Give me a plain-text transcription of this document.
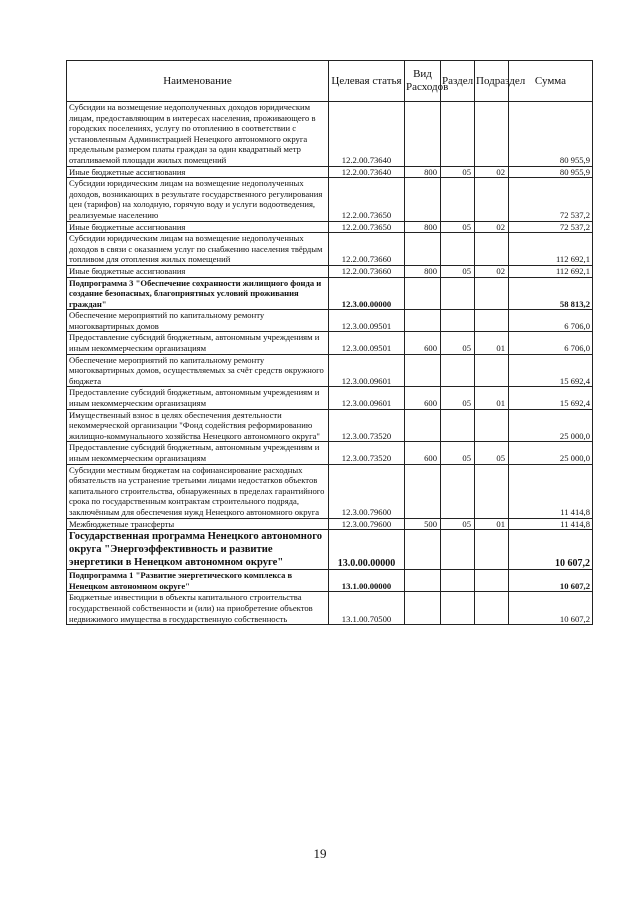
Наименование	Целевая статья	Вид Расходов	Раздел	Подраздел	Сумма
Субсидии на возмещение недополученных доходов юридическим лицам, предоставляющим в интересах населения, проживающего в городских поселениях, услугу по отоплению в соответствии с установленным Администрацией Ненецкого автономного округа предельным размером платы граждан за один квадратный метр отапливаемой площади жилых помещений	12.2.00.73640				80 955,9
Иные бюджетные ассигнования	12.2.00.73640	800	05	02	80 955,9
Субсидии юридическим лицам на возмещение недополученных доходов, возникающих в результате государственного регулирования цен (тарифов) на холодную, горячую воду и услуги водоотведения, реализуемые населению	12.2.00.73650				72 537,2
Иные бюджетные ассигнования	12.2.00.73650	800	05	02	72 537,2
Субсидии юридическим лицам на возмещение недополученных доходов в связи с оказанием услуг по снабжению населения твёрдым топливом для отопления жилых помещений	12.2.00.73660				112 692,1
Иные бюджетные ассигнования	12.2.00.73660	800	05	02	112 692,1
Подпрограмма 3 "Обеспечение сохранности жилищного фонда и создание безопасных, благоприятных условий проживания граждан"	12.3.00.00000				58 813,2
Обеспечение мероприятий по капитальному ремонту многоквартирных домов	12.3.00.09501				6 706,0
Предоставление субсидий бюджетным, автономным учреждениям и иным некоммерческим организациям	12.3.00.09501	600	05	01	6 706,0
Обеспечение мероприятий по капитальному ремонту многоквартирных домов, осуществляемых за счёт средств окружного бюджета	12.3.00.09601				15 692,4
Предоставление субсидий бюджетным, автономным учреждениям и иным некоммерческим организациям	12.3.00.09601	600	05	01	15 692,4
Имущественный взнос в целях обеспечения деятельности некоммерческой организации "Фонд содействия реформированию жилищно-коммунального хозяйства Ненецкого автономного округа"	12.3.00.73520				25 000,0
Предоставление субсидий бюджетным, автономным учреждениям и иным некоммерческим организациям	12.3.00.73520	600	05	05	25 000,0
Субсидии местным бюджетам на софинансирование расходных обязательств на устранение третьими лицами недостатков объектов капитального строительства, обнаруженных в пределах гарантийного срока по государственным контрактам строительного подряда, заключённым для обеспечения нужд Ненецкого автономного округа	12.3.00.79600				11 414,8
Межбюджетные трансферты	12.3.00.79600	500	05	01	11 414,8
Государственная программа Ненецкого автономного округа "Энергоэффективность и развитие энергетики в Ненецком автономном округе"	13.0.00.00000				10 607,2
Подпрограмма 1 "Развитие энергетического комплекса в Ненецком автономном округе"	13.1.00.00000				10 607,2
Бюджетные инвестиции в объекты капитального строительства государственной собственности и (или) на приобретение объектов недвижимого имущества в государственную собственность	13.1.00.70500				10 607,2
19
